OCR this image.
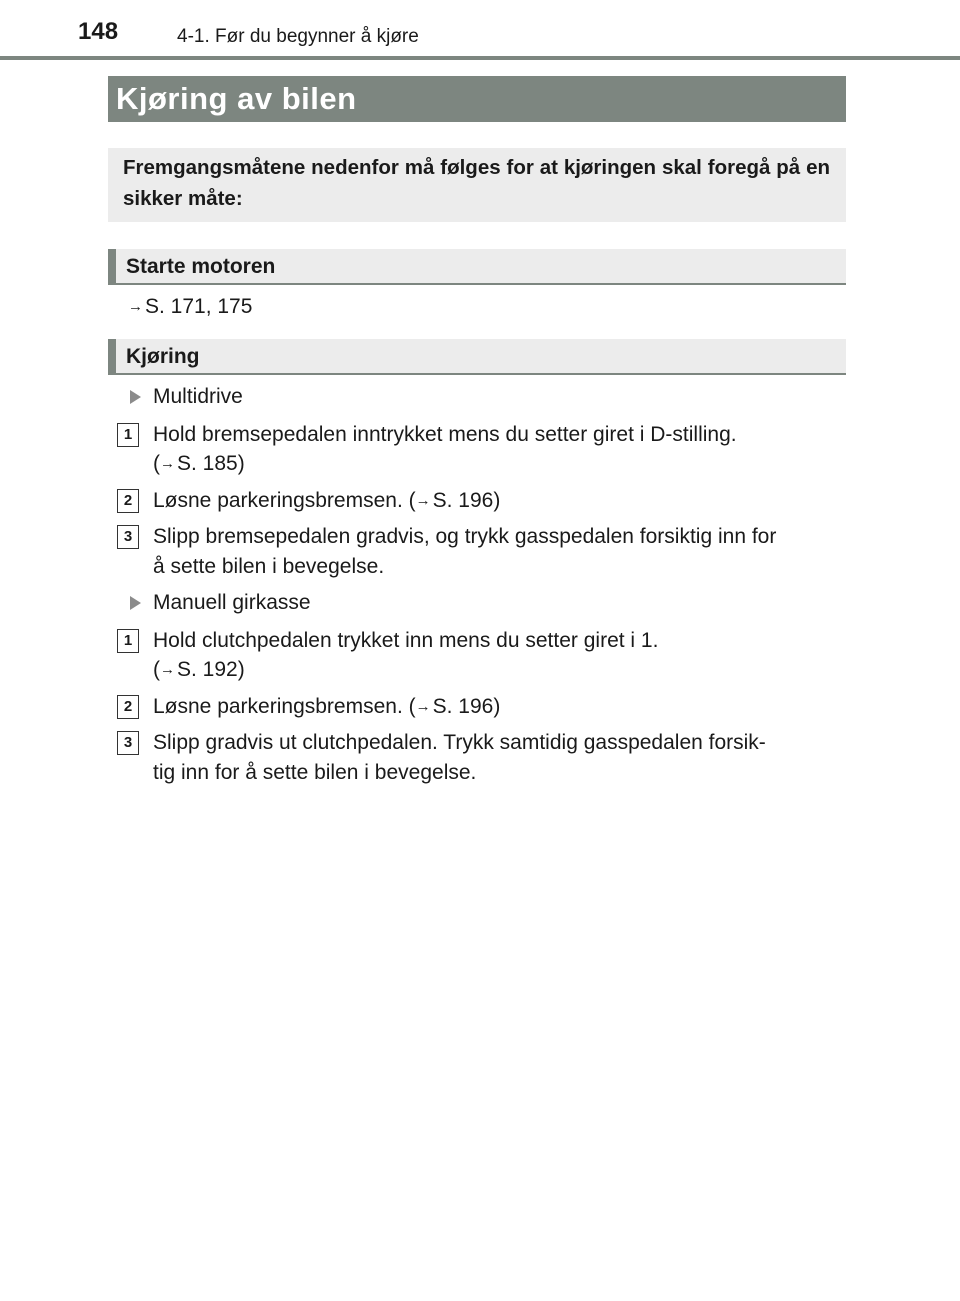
148	4-1. Før du begynner å kjøre
Kjøring av bilen
Fremgangsmåtene nedenfor må følges for at kjøringen skal foregå på en sikker måte:
Starte motoren
→S. 171, 175
Kjøring
Multidrive
1 Hold bremsepedalen inntrykket mens du setter giret i D-stilling.
(→S. 185)
2 Løsne parkeringsbremsen. (→S. 196)
3 Slipp bremsepedalen gradvis, og trykk gasspedalen forsiktig inn for
å sette bilen i bevegelse.
Manuell girkasse
1 Hold clutchpedalen trykket inn mens du setter giret i 1.
(→S. 192)
2 Løsne parkeringsbremsen. (→S. 196)
3 Slipp gradvis ut clutchpedalen. Trykk samtidig gasspedalen forsik-
tig inn for å sette bilen i bevegelse.
